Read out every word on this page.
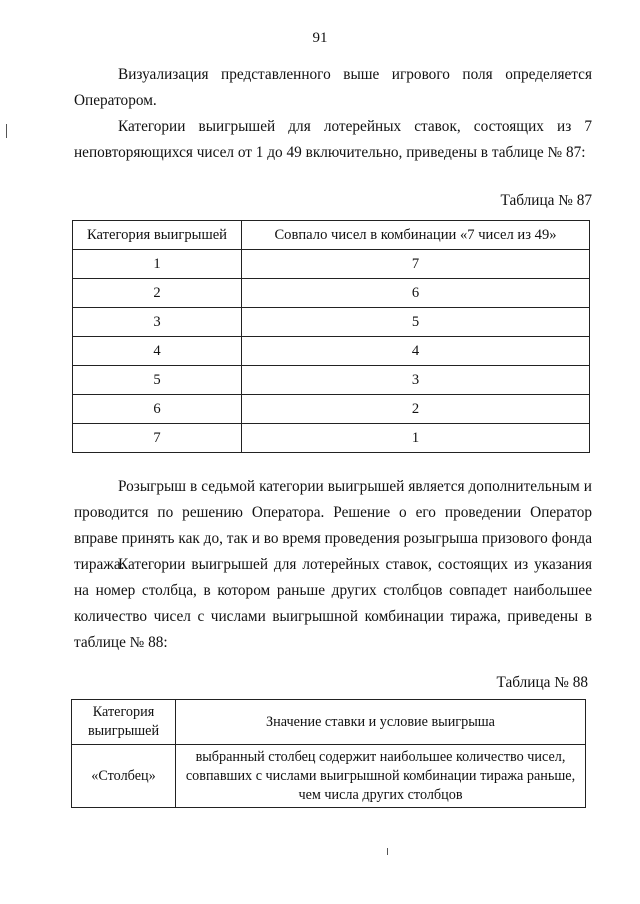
91

Визуализация представленного выше игрового поля определяется Оператором.

Категории выигрышей для лотерейных ставок, состоящих из 7 неповторяющихся чисел от 1 до 49 включительно, приведены в таблице № 87:

Таблица № 87
Категория выигрышей	Совпало чисел в комбинации «7 чисел из 49»
1	7
2	6
3	5
4	4
5	3
6	2
7	1

Розыгрыш в седьмой категории выигрышей является дополнительным и проводится по решению Оператора. Решение о его проведении Оператор вправе принять как до, так и во время проведения розыгрыша призового фонда тиража.

Категории выигрышей для лотерейных ставок, состоящих из указания на номер столбца, в котором раньше других столбцов совпадет наибольшее количество чисел с числами выигрышной комбинации тиража, приведены в таблице № 88:

Таблица № 88
Категория выигрышей	Значение ставки и условие выигрыша
«Столбец»	выбранный столбец содержит наибольшее количество чисел, совпавших с числами выигрышной комбинации тиража раньше, чем числа других столбцов
